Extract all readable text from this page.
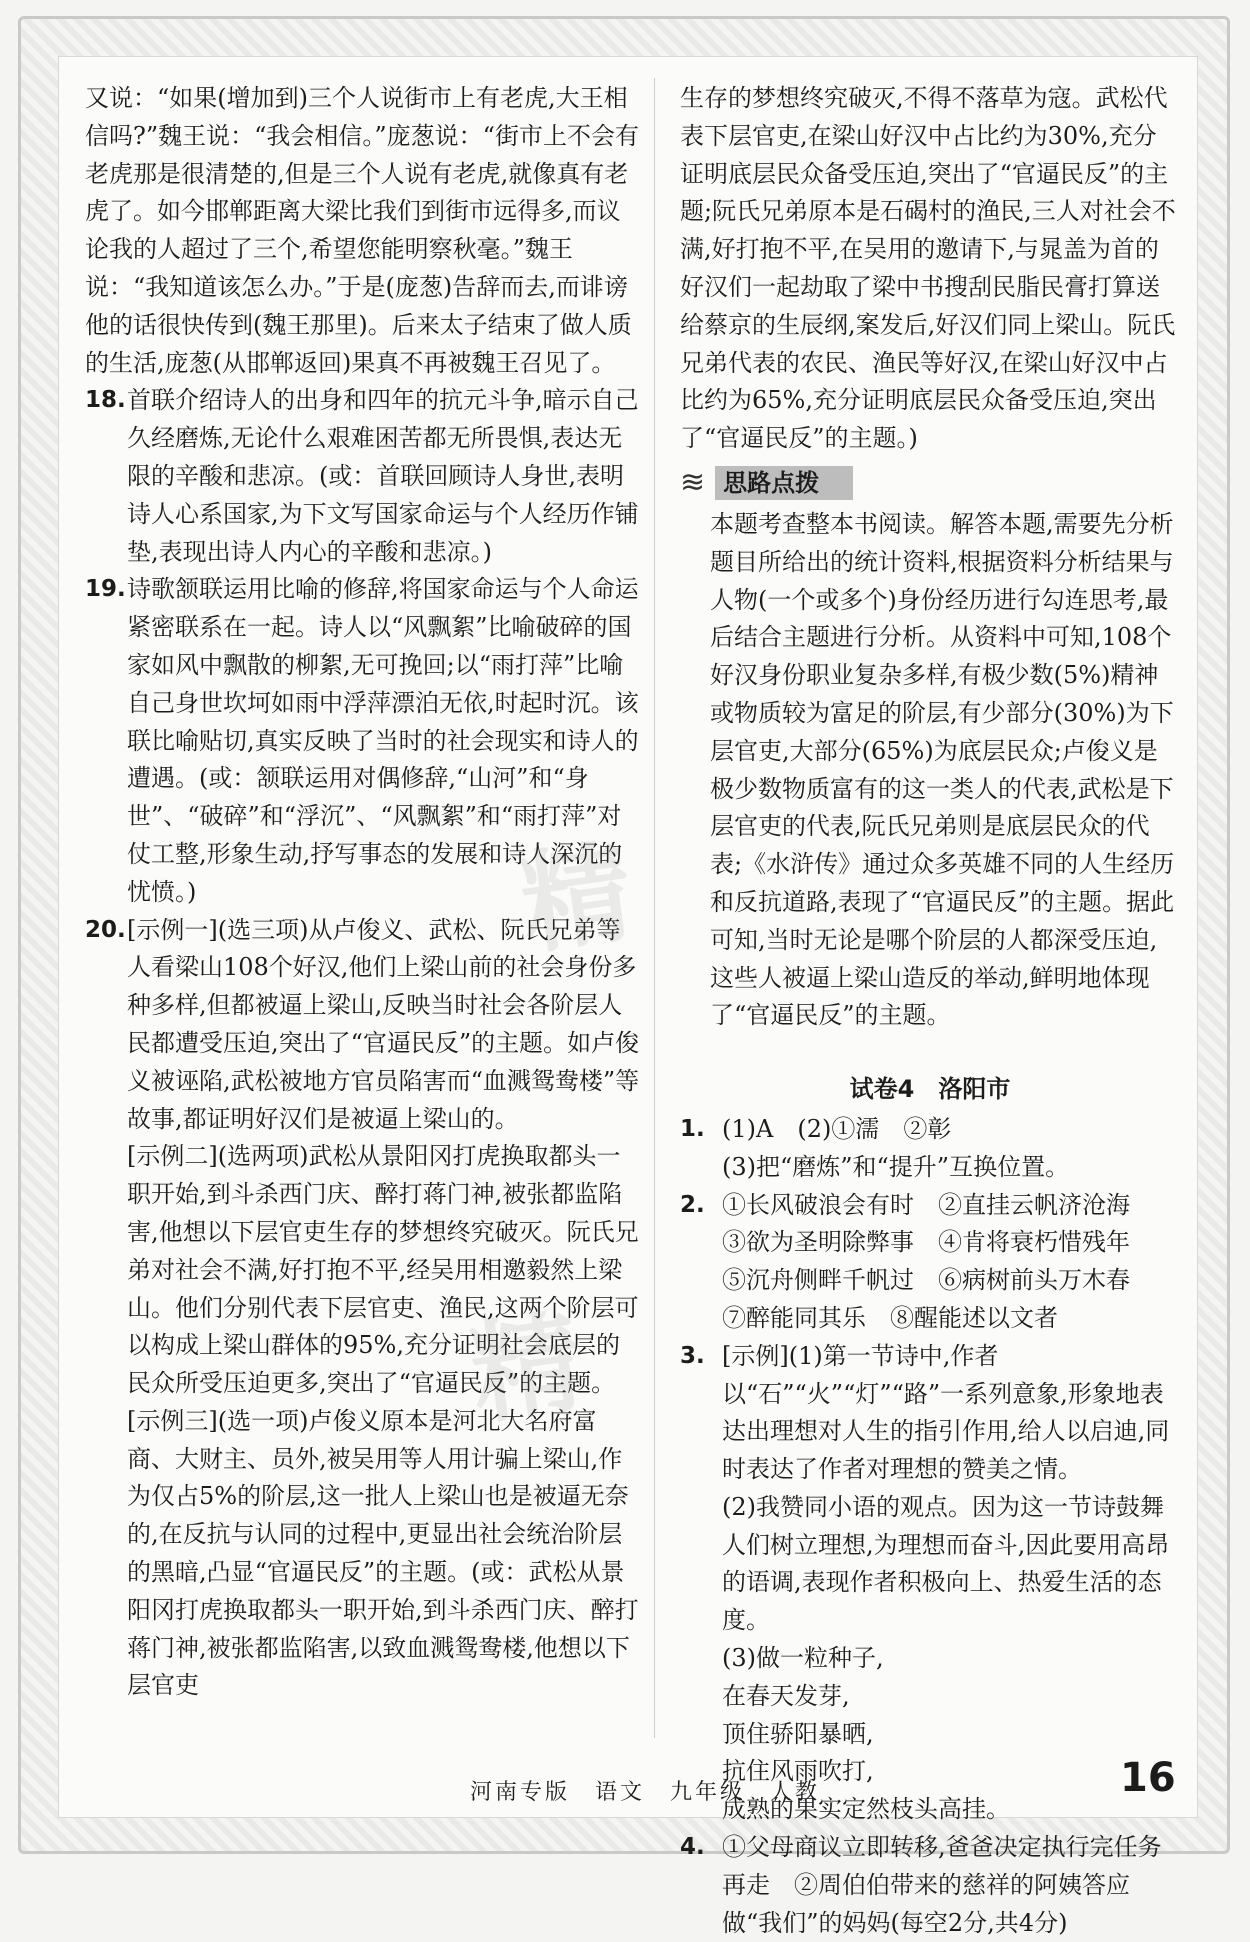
又说：“如果(增加到)三个人说街市上有老虎,大王相信吗?”魏王说：“我会相信。”庞葱说：“街市上不会有老虎那是很清楚的,但是三个人说有老虎,就像真有老虎了。如今邯郸距离大梁比我们到街市远得多,而议论我的人超过了三个,希望您能明察秋毫。”魏王说：“我知道该怎么办。”于是(庞葱)告辞而去,而诽谤他的话很快传到(魏王那里)。后来太子结束了做人质的生活,庞葱(从邯郸返回)果真不再被魏王召见了。

18. 首联介绍诗人的出身和四年的抗元斗争,暗示自己久经磨炼,无论什么艰难困苦都无所畏惧,表达无限的辛酸和悲凉。(或：首联回顾诗人身世,表明诗人心系国家,为下文写国家命运与个人经历作铺垫,表现出诗人内心的辛酸和悲凉。)

19. 诗歌颔联运用比喻的修辞,将国家命运与个人命运紧密联系在一起。诗人以“风飘絮”比喻破碎的国家如风中飘散的柳絮,无可挽回;以“雨打萍”比喻自己身世坎坷如雨中浮萍漂泊无依,时起时沉。该联比喻贴切,真实反映了当时的社会现实和诗人的遭遇。(或：颔联运用对偶修辞,“山河”和“身世”、“破碎”和“浮沉”、“风飘絮”和“雨打萍”对仗工整,形象生动,抒写事态的发展和诗人深沉的忧愤。)

20. [示例一](选三项)从卢俊义、武松、阮氏兄弟等人看梁山108个好汉,他们上梁山前的社会身份多种多样,但都被逼上梁山,反映当时社会各阶层人民都遭受压迫,突出了“官逼民反”的主题。如卢俊义被诬陷,武松被地方官员陷害而“血溅鸳鸯楼”等故事,都证明好汉们是被逼上梁山的。

[示例二](选两项)武松从景阳冈打虎换取都头一职开始,到斗杀西门庆、醉打蒋门神,被张都监陷害,他想以下层官吏生存的梦想终究破灭。阮氏兄弟对社会不满,好打抱不平,经吴用相邀毅然上梁山。他们分别代表下层官吏、渔民,这两个阶层可以构成上梁山群体的95%,充分证明社会底层的民众所受压迫更多,突出了“官逼民反”的主题。

[示例三](选一项)卢俊义原本是河北大名府富商、大财主、员外,被吴用等人用计骗上梁山,作为仅占5%的阶层,这一批人上梁山也是被逼无奈的,在反抗与认同的过程中,更显出社会统治阶层的黑暗,凸显“官逼民反”的主题。(或：武松从景阳冈打虎换取都头一职开始,到斗杀西门庆、醉打蒋门神,被张都监陷害,以致血溅鸳鸯楼,他想以下层官吏

生存的梦想终究破灭,不得不落草为寇。武松代表下层官吏,在梁山好汉中占比约为30%,充分证明底层民众备受压迫,突出了“官逼民反”的主题;阮氏兄弟原本是石碣村的渔民,三人对社会不满,好打抱不平,在吴用的邀请下,与晁盖为首的好汉们一起劫取了梁中书搜刮民脂民膏打算送给蔡京的生辰纲,案发后,好汉们同上梁山。阮氏兄弟代表的农民、渔民等好汉,在梁山好汉中占比约为65%,充分证明底层民众备受压迫,突出了“官逼民反”的主题。)

≋ 思路点拨

本题考查整本书阅读。解答本题,需要先分析题目所给出的统计资料,根据资料分析结果与人物(一个或多个)身份经历进行勾连思考,最后结合主题进行分析。从资料中可知,108个好汉身份职业复杂多样,有极少数(5%)精神或物质较为富足的阶层,有少部分(30%)为下层官吏,大部分(65%)为底层民众;卢俊义是极少数物质富有的这一类人的代表,武松是下层官吏的代表,阮氏兄弟则是底层民众的代表;《水浒传》通过众多英雄不同的人生经历和反抗道路,表现了“官逼民反”的主题。据此可知,当时无论是哪个阶层的人都深受压迫,这些人被逼上梁山造反的举动,鲜明地体现了“官逼民反”的主题。

试卷4　洛阳市
1. (1)A　(2)①濡　②彰

(3)把“磨炼”和“提升”互换位置。

2. ①长风破浪会有时　②直挂云帆济沧海

③欲为圣明除弊事　④肯将衰朽惜残年

⑤沉舟侧畔千帆过　⑥病树前头万木春

⑦醉能同其乐　⑧醒能述以文者

3. [示例](1)第一节诗中,作者以“石”“火”“灯”“路”一系列意象,形象地表达出理想对人生的指引作用,给人以启迪,同时表达了作者对理想的赞美之情。

(2)我赞同小语的观点。因为这一节诗鼓舞人们树立理想,为理想而奋斗,因此要用高昂的语调,表现作者积极向上、热爱生活的态度。

(3)做一粒种子,

在春天发芽,

顶住骄阳暴晒,

抗住风雨吹打,

成熟的果实定然枝头高挂。

4. ①父母商议立即转移,爸爸决定执行完任务再走　②周伯伯带来的慈祥的阿姨答应做“我们”的妈妈(每空2分,共4分)

精
精
河南专版　语文　九年级　人教	16
